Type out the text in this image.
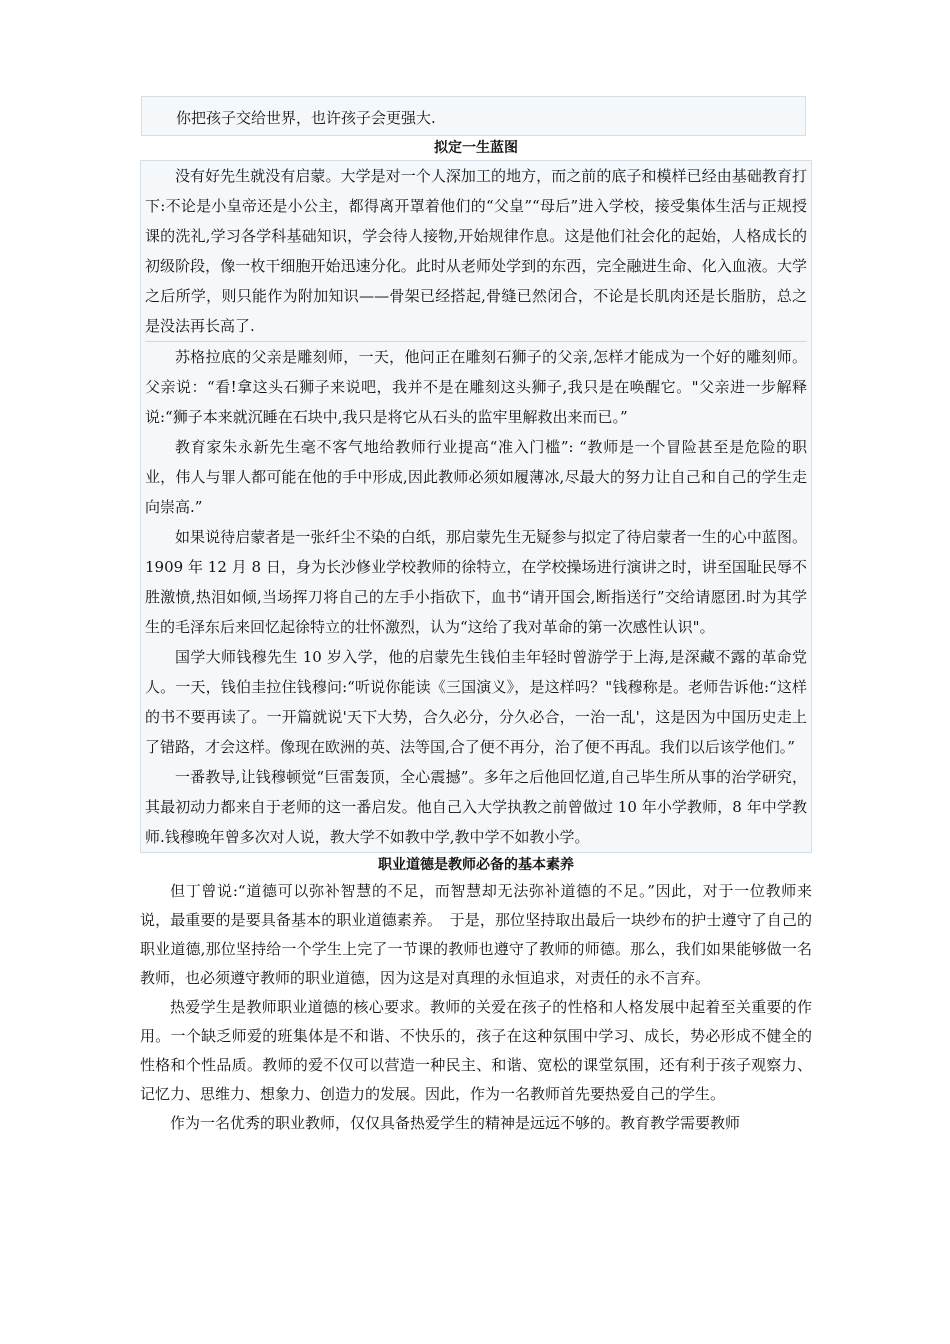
你把孩子交给世界，也许孩子会更强大.

拟定一生蓝图

没有好先生就没有启蒙。大学是对一个人深加工的地方，而之前的底子和模样已经由基础教育打下:不论是小皇帝还是小公主，都得离开罩着他们的“父皇”“母后”进入学校，接受集体生活与正规授课的洗礼,学习各学科基础知识，学会待人接物,开始规律作息。这是他们社会化的起始，人格成长的初级阶段，像一枚干细胞开始迅速分化。此时从老师处学到的东西，完全融进生命、化入血液。大学之后所学，则只能作为附加知识——骨架已经搭起,骨缝已然闭合，不论是长肌肉还是长脂肪，总之是没法再长高了.

苏格拉底的父亲是雕刻师，一天，他问正在雕刻石狮子的父亲,怎样才能成为一个好的雕刻师。父亲说：“看!拿这头石狮子来说吧，我并不是在雕刻这头狮子,我只是在唤醒它。"父亲进一步解释说:“狮子本来就沉睡在石块中,我只是将它从石头的监牢里解救出来而已。”

教育家朱永新先生毫不客气地给教师行业提高“准入门槛”: “教师是一个冒险甚至是危险的职业，伟人与罪人都可能在他的手中形成,因此教师必须如履薄冰,尽最大的努力让自己和自己的学生走向崇高.”

如果说待启蒙者是一张纤尘不染的白纸，那启蒙先生无疑参与拟定了待启蒙者一生的心中蓝图。1909 年 12 月 8 日，身为长沙修业学校教师的徐特立，在学校操场进行演讲之时，讲至国耻民辱不胜激愤,热泪如倾,当场挥刀将自己的左手小指砍下，血书“请开国会,断指送行”交给请愿团.时为其学生的毛泽东后来回忆起徐特立的壮怀激烈，认为“这给了我对革命的第一次感性认识"。

国学大师钱穆先生 10 岁入学，他的启蒙先生钱伯圭年轻时曾游学于上海,是深藏不露的革命党人。一天，钱伯圭拉住钱穆问:“听说你能读《三国演义》，是这样吗？"钱穆称是。老师告诉他:“这样的书不要再读了。一开篇就说'天下大势，合久必分，分久必合，一治一乱'，这是因为中国历史走上了错路，才会这样。像现在欧洲的英、法等国,合了便不再分，治了便不再乱。我们以后该学他们。”

一番教导,让钱穆顿觉“巨雷轰顶，全心震撼”。多年之后他回忆道,自己毕生所从事的治学研究，其最初动力都来自于老师的这一番启发。他自己入大学执教之前曾做过 10 年小学教师，8 年中学教师.钱穆晚年曾多次对人说，教大学不如教中学,教中学不如教小学。

职业道德是教师必备的基本素养

但丁曾说:“道德可以弥补智慧的不足，而智慧却无法弥补道德的不足。”因此，对于一位教师来说，最重要的是要具备基本的职业道德素养。　于是，那位坚持取出最后一块纱布的护士遵守了自己的职业道德,那位坚持给一个学生上完了一节课的教师也遵守了教师的师德。那么，我们如果能够做一名教师，也必须遵守教师的职业道德，因为这是对真理的永恒追求，对责任的永不言弃。

热爱学生是教师职业道德的核心要求。教师的关爱在孩子的性格和人格发展中起着至关重要的作用。一个缺乏师爱的班集体是不和谐、不快乐的，孩子在这种氛围中学习、成长，势必形成不健全的性格和个性品质。教师的爱不仅可以营造一种民主、和谐、宽松的课堂氛围，还有利于孩子观察力、记忆力、思维力、想象力、创造力的发展。因此，作为一名教师首先要热爱自己的学生。

作为一名优秀的职业教师，仅仅具备热爱学生的精神是远远不够的。教育教学需要教师
